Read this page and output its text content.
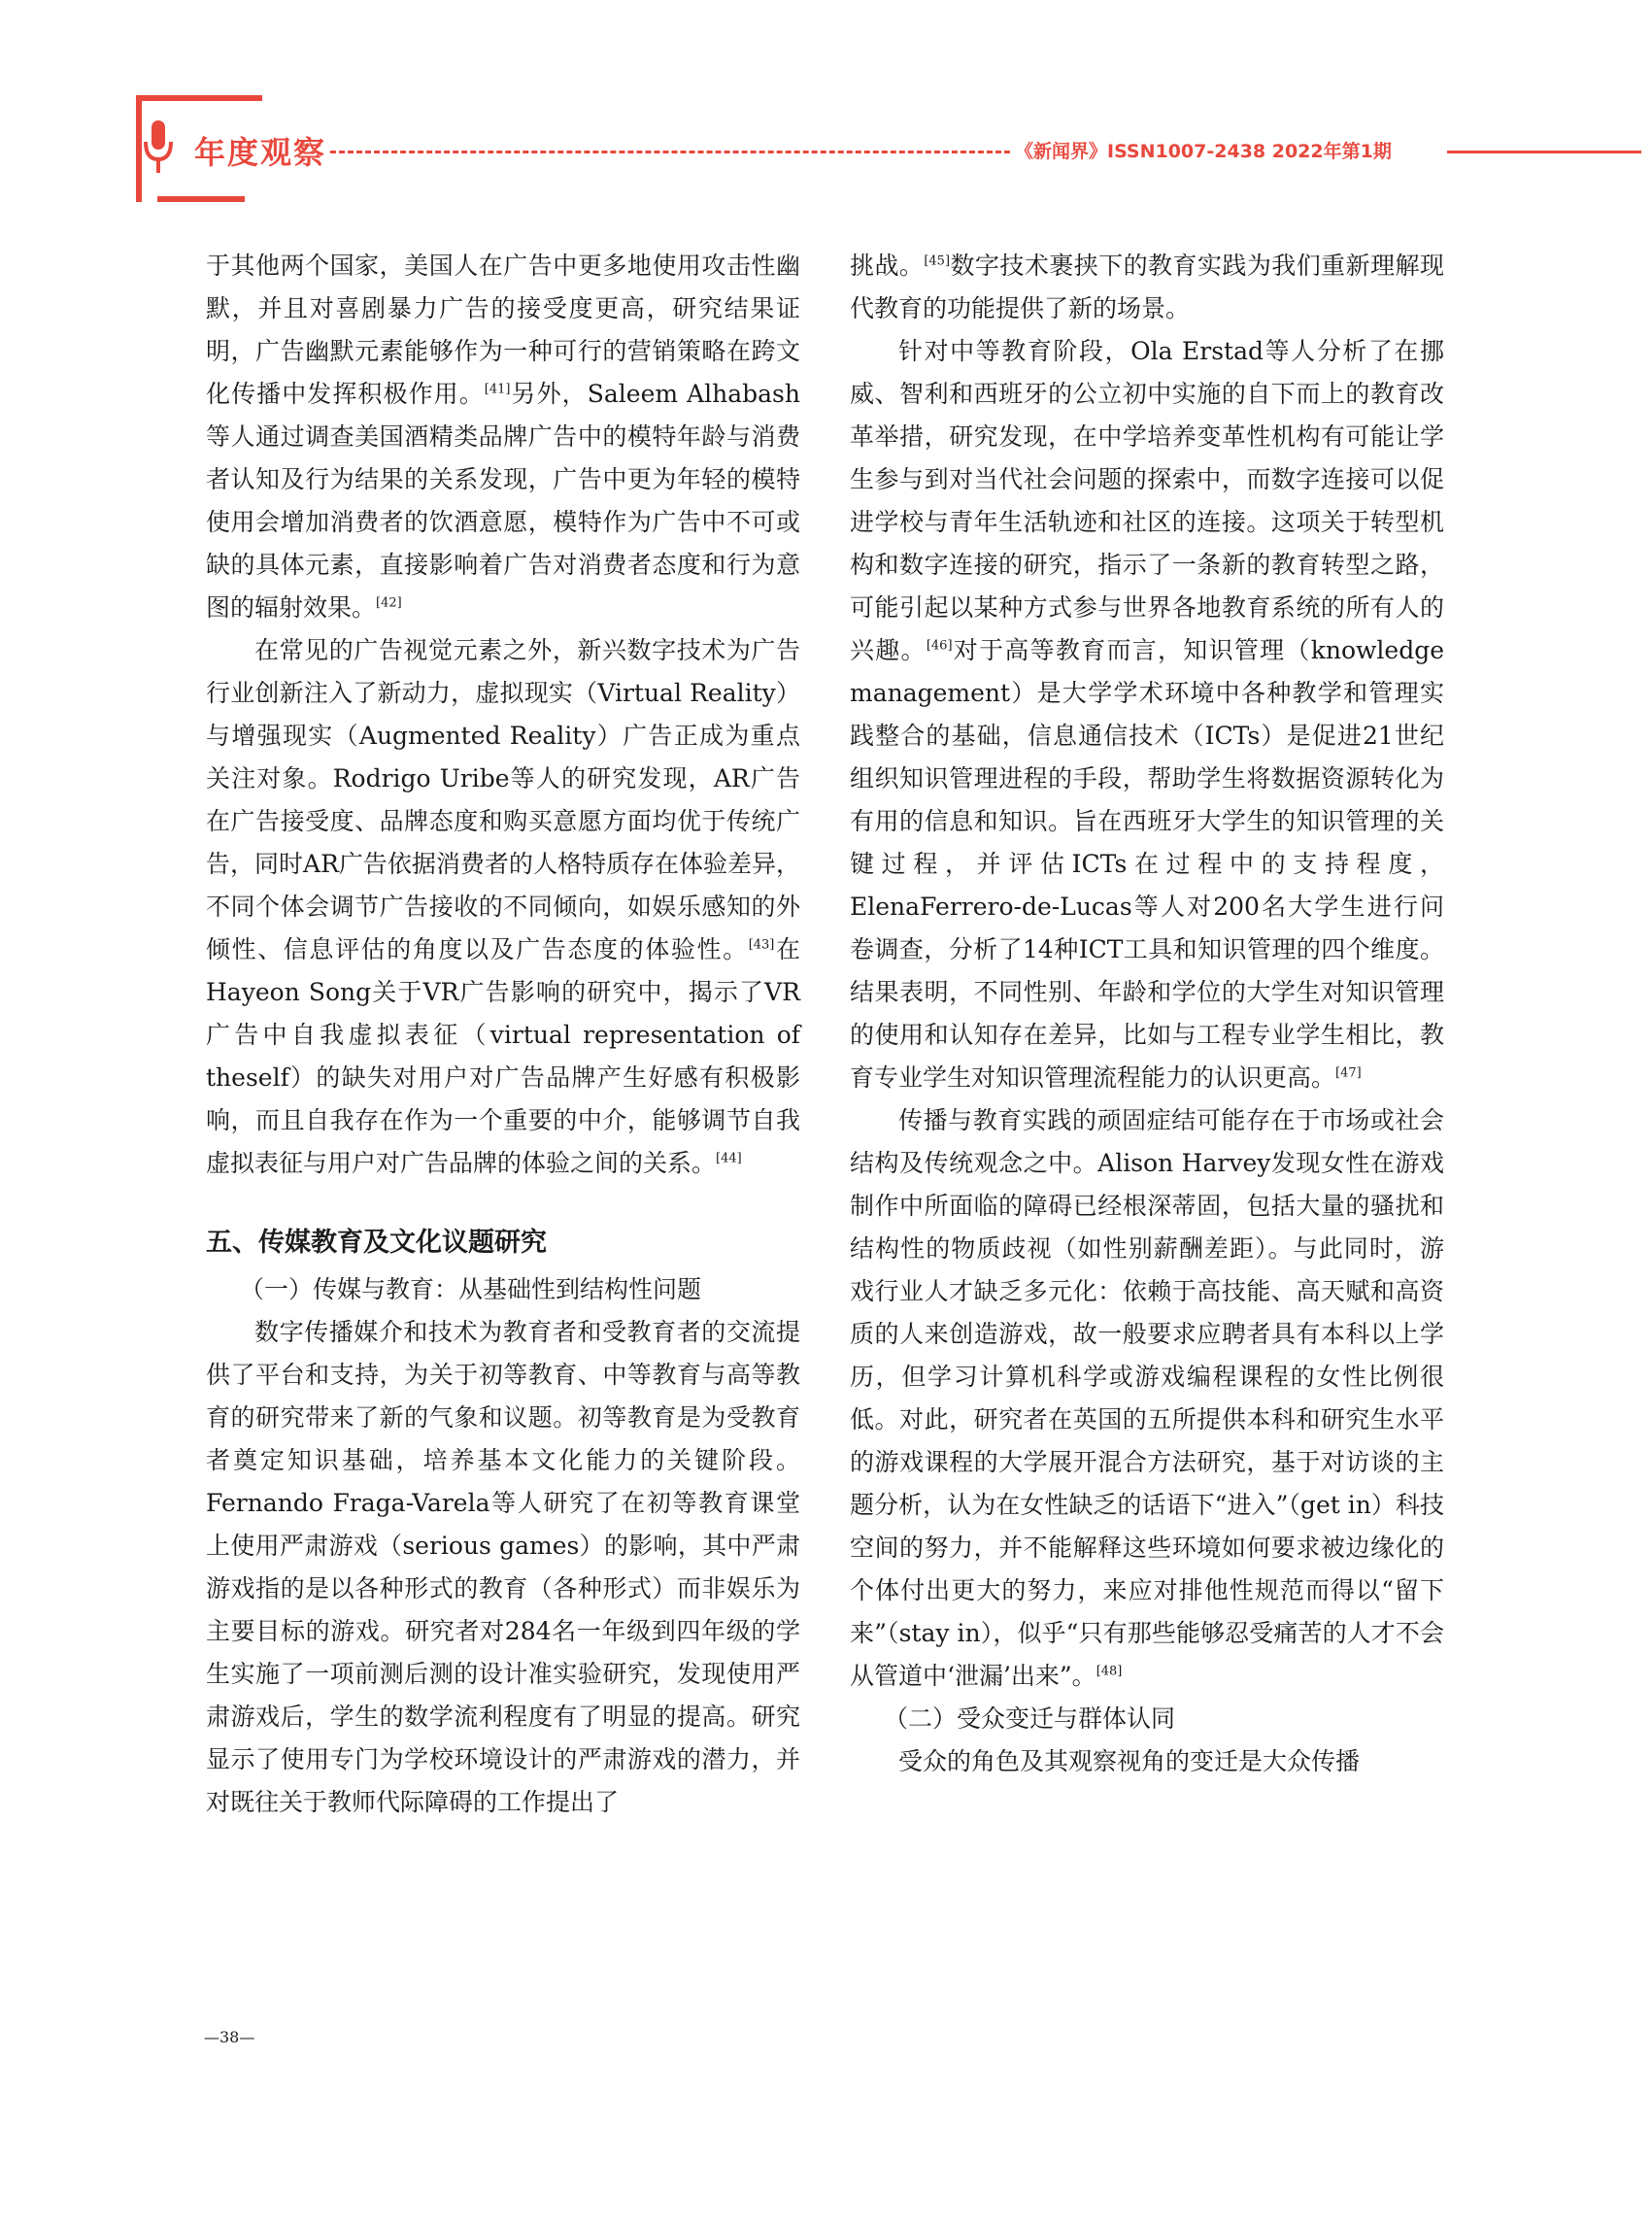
年度观察	《新闻界》ISSN1007-2438 2022年第1期

于其他两个国家，美国人在广告中更多地使用攻击性幽默，并且对喜剧暴力广告的接受度更高，研究结果证明，广告幽默元素能够作为一种可行的营销策略在跨文化传播中发挥积极作用。[41]另外，Saleem Alhabash等人通过调查美国酒精类品牌广告中的模特年龄与消费者认知及行为结果的关系发现，广告中更为年轻的模特使用会增加消费者的饮酒意愿，模特作为广告中不可或缺的具体元素，直接影响着广告对消费者态度和行为意图的辐射效果。[42]

在常见的广告视觉元素之外，新兴数字技术为广告行业创新注入了新动力，虚拟现实（Virtual Reality）与增强现实（Augmented Reality）广告正成为重点关注对象。Rodrigo Uribe等人的研究发现，AR广告在广告接受度、品牌态度和购买意愿方面均优于传统广告，同时AR广告依据消费者的人格特质存在体验差异，不同个体会调节广告接收的不同倾向，如娱乐感知的外倾性、信息评估的角度以及广告态度的体验性。[43]在Hayeon Song关于VR广告影响的研究中，揭示了VR广告中自我虚拟表征（virtual representation of theself）的缺失对用户对广告品牌产生好感有积极影响，而且自我存在作为一个重要的中介，能够调节自我虚拟表征与用户对广告品牌的体验之间的关系。[44]

五、传媒教育及文化议题研究
（一）传媒与教育：从基础性到结构性问题

数字传播媒介和技术为教育者和受教育者的交流提供了平台和支持，为关于初等教育、中等教育与高等教育的研究带来了新的气象和议题。初等教育是为受教育者奠定知识基础，培养基本文化能力的关键阶段。Fernando Fraga-Varela等人研究了在初等教育课堂上使用严肃游戏（serious games）的影响，其中严肃游戏指的是以各种形式的教育（各种形式）而非娱乐为主要目标的游戏。研究者对284名一年级到四年级的学生实施了一项前测后测的设计准实验研究，发现使用严肃游戏后，学生的数学流利程度有了明显的提高。研究显示了使用专门为学校环境设计的严肃游戏的潜力，并对既往关于教师代际障碍的工作提出了

挑战。[45]数字技术裹挟下的教育实践为我们重新理解现代教育的功能提供了新的场景。

针对中等教育阶段，Ola Erstad等人分析了在挪威、智利和西班牙的公立初中实施的自下而上的教育改革举措，研究发现，在中学培养变革性机构有可能让学生参与到对当代社会问题的探索中，而数字连接可以促进学校与青年生活轨迹和社区的连接。这项关于转型机构和数字连接的研究，指示了一条新的教育转型之路，可能引起以某种方式参与世界各地教育系统的所有人的兴趣。[46]对于高等教育而言，知识管理（knowledge management）是大学学术环境中各种教学和管理实践整合的基础，信息通信技术（ICTs）是促进21世纪组织知识管理进程的手段，帮助学生将数据资源转化为有用的信息和知识。旨在西班牙大学生的知识管理的关键过程，并评估ICTs在过程中的支持程度，ElenaFerrero-de-Lucas等人对200名大学生进行问卷调查，分析了14种ICT工具和知识管理的四个维度。结果表明，不同性别、年龄和学位的大学生对知识管理的使用和认知存在差异，比如与工程专业学生相比，教育专业学生对知识管理流程能力的认识更高。[47]

传播与教育实践的顽固症结可能存在于市场或社会结构及传统观念之中。Alison Harvey发现女性在游戏制作中所面临的障碍已经根深蒂固，包括大量的骚扰和结构性的物质歧视（如性别薪酬差距）。与此同时，游戏行业人才缺乏多元化：依赖于高技能、高天赋和高资质的人来创造游戏，故一般要求应聘者具有本科以上学历，但学习计算机科学或游戏编程课程的女性比例很低。对此，研究者在英国的五所提供本科和研究生水平的游戏课程的大学展开混合方法研究，基于对访谈的主题分析，认为在女性缺乏的话语下“进入”（get in）科技空间的努力，并不能解释这些环境如何要求被边缘化的个体付出更大的努力，来应对排他性规范而得以“留下来”（stay in），似乎“只有那些能够忍受痛苦的人才不会从管道中‘泄漏’出来”。[48]

（二）受众变迁与群体认同

受众的角色及其观察视角的变迁是大众传播

—38—
